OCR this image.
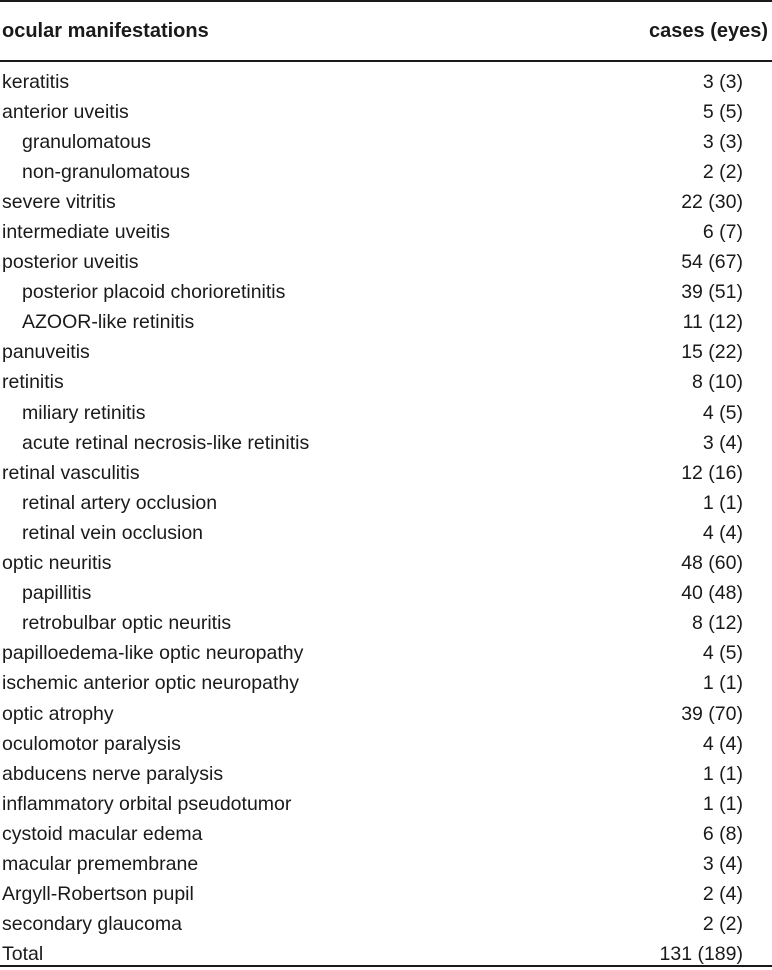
ocular manifestations	cases (eyes)
keratitis	3 (3)
anterior uveitis	5 (5)
granulomatous	3 (3)
non-granulomatous	2 (2)
severe vitritis	22 (30)
intermediate uveitis	6 (7)
posterior uveitis	54 (67)
posterior placoid chorioretinitis	39 (51)
AZOOR-like retinitis	11 (12)
panuveitis	15 (22)
retinitis	8 (10)
miliary retinitis	4 (5)
acute retinal necrosis-like retinitis	3 (4)
retinal vasculitis	12 (16)
retinal artery occlusion	1 (1)
retinal vein occlusion	4 (4)
optic neuritis	48 (60)
papillitis	40 (48)
retrobulbar optic neuritis	8 (12)
papilloedema-like optic neuropathy	4 (5)
ischemic anterior optic neuropathy	1 (1)
optic atrophy	39 (70)
oculomotor paralysis	4 (4)
abducens nerve paralysis	1 (1)
inflammatory orbital pseudotumor	1 (1)
cystoid macular edema	6 (8)
macular premembrane	3 (4)
Argyll-Robertson pupil	2 (4)
secondary glaucoma	2 (2)
Total	131 (189)
